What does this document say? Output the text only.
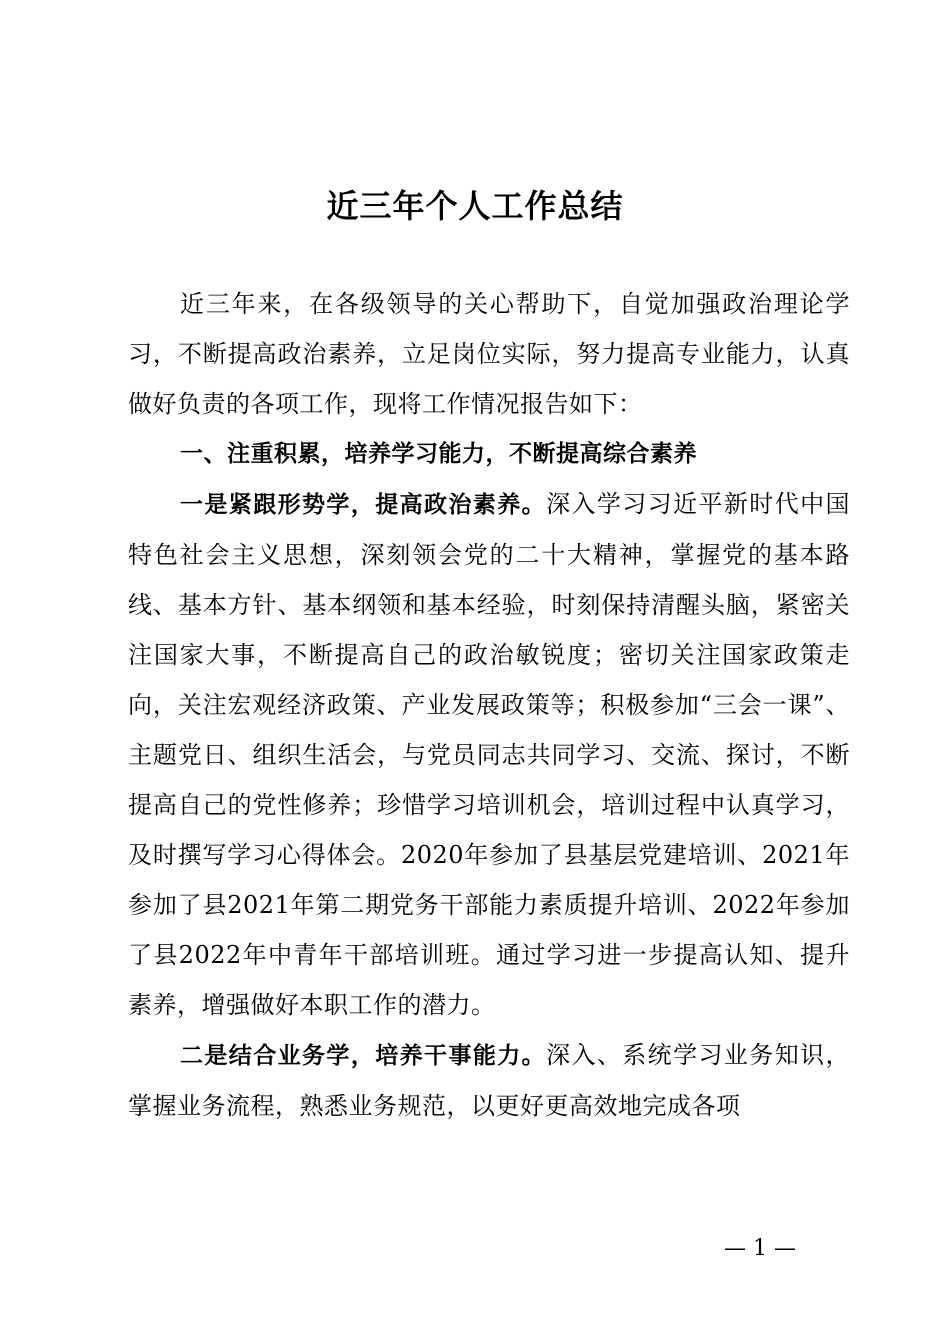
近三年个人工作总结

近三年来，在各级领导的关心帮助下，自觉加强政治理论学习，不断提高政治素养，立足岗位实际，努力提高专业能力，认真做好负责的各项工作，现将工作情况报告如下：

一、注重积累，培养学习能力，不断提高综合素养

一是紧跟形势学，提高政治素养。深入学习习近平新时代中国特色社会主义思想，深刻领会党的二十大精神，掌握党的基本路线、基本方针、基本纲领和基本经验，时刻保持清醒头脑，紧密关注国家大事，不断提高自己的政治敏锐度；密切关注国家政策走向，关注宏观经济政策、产业发展政策等；积极参加“三会一课”、主题党日、组织生活会，与党员同志共同学习、交流、探讨，不断提高自己的党性修养；珍惜学习培训机会，培训过程中认真学习，及时撰写学习心得体会。2020年参加了县基层党建培训、2021年参加了县2021年第二期党务干部能力素质提升培训、2022年参加了县2022年中青年干部培训班。通过学习进一步提高认知、提升素养，增强做好本职工作的潜力。

二是结合业务学，培养干事能力。深入、系统学习业务知识，掌握业务流程，熟悉业务规范，以更好更高效地完成各项

— 1 —
